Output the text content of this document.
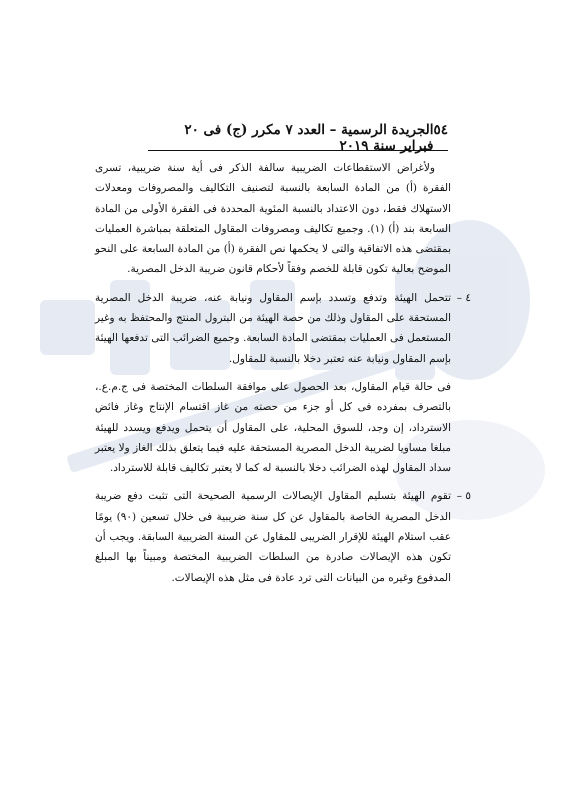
٥٤
الجريدة الرسمية – العدد ٧ مكرر (ج) فى ٢٠ فبراير سنة ٢٠١٩

ولأغراض الاستقطاعات الضريبية سالفة الذكر فى أية سنة ضريبية، تسرى الفقرة (أ) من المادة السابعة بالنسبة لتصنيف التكاليف والمصروفات ومعدلات الاستهلاك فقط، دون الاعتداد بالنسبة المئوية المحددة فى الفقرة الأولى من المادة السابعة بند (أ) (١). وجميع تكاليف ومصروفات المقاول المتعلقة بمباشرة العمليات بمقتضى هذه الاتفاقية والتى لا يحكمها نص الفقرة (أ) من المادة السابعة على النحو الموضح بعالية تكون قابلة للخصم وفقاً لأحكام قانون ضريبة الدخل المصرية.

٤ –

تتحمل الهيئة وتدفع وتسدد بإسم المقاول ونيابة عنه، ضريبة الدخل المصرية المستحقة على المقاول وذلك من حصة الهيئة من البترول المنتج والمحتفظ به وغير المستعمل فى العمليات بمقتضى المادة السابعة. وجميع الضرائب التى تدفعها الهيئة بإسم المقاول ونيابة عنه تعتبر دخلا بالنسبة للمقاول.

فى حالة قيام المقاول، بعد الحصول على موافقة السلطات المختصة فى ج.م.ع.، بالتصرف بمفرده فى كل أو جزء من حصته من غاز اقتسام الإنتاج وغاز فائض الاسترداد، إن وجد، للسوق المحلية، على المقاول أن يتحمل ويدفع ويسدد للهيئة مبلغا مساويا لضريبة الدخل المصرية المستحقة عليه فيما يتعلق بذلك الغاز ولا يعتبر سداد المقاول لهذه الضرائب دخلا بالنسبة له كما لا يعتبر تكاليف قابلة للاسترداد.

٥ –

تقوم الهيئة بتسليم المقاول الإيصالات الرسمية الصحيحة التى تثبت دفع ضريبة الدخل المصرية الخاصة بالمقاول عن كل سنة ضريبية فى خلال تسعين (٩٠) يومًا عقب استلام الهيئة للإقرار الضريبى للمقاول عن السنة الضريبية السابقة. ويجب أن تكون هذه الإيصالات صادرة من السلطات الضريبية المختصة ومبيناً بها المبلغ المدفوع وغيره من البيانات التى ترد عادة فى مثل هذه الإيصالات.
